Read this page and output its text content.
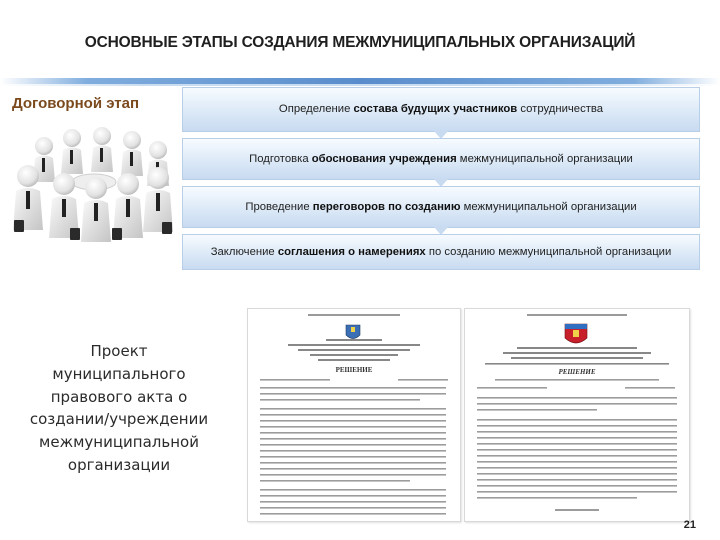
ОСНОВНЫЕ ЭТАПЫ СОЗДАНИЯ МЕЖМУНИЦИПАЛЬНЫХ ОРГАНИЗАЦИЙ
Договорной этап	Определение состава будущих участников сотрудничества
Подготовка обоснования учреждения межмуниципальной организации
Проведение переговоров по созданию межмуниципальной организации
Заключение соглашения о намерениях по созданию межмуниципальной организации
Проект
муниципального
правового акта о
создании/учреждении
межмуниципальной
организации
РЕШЕНИЕ	РЕШЕНИЕ
21
